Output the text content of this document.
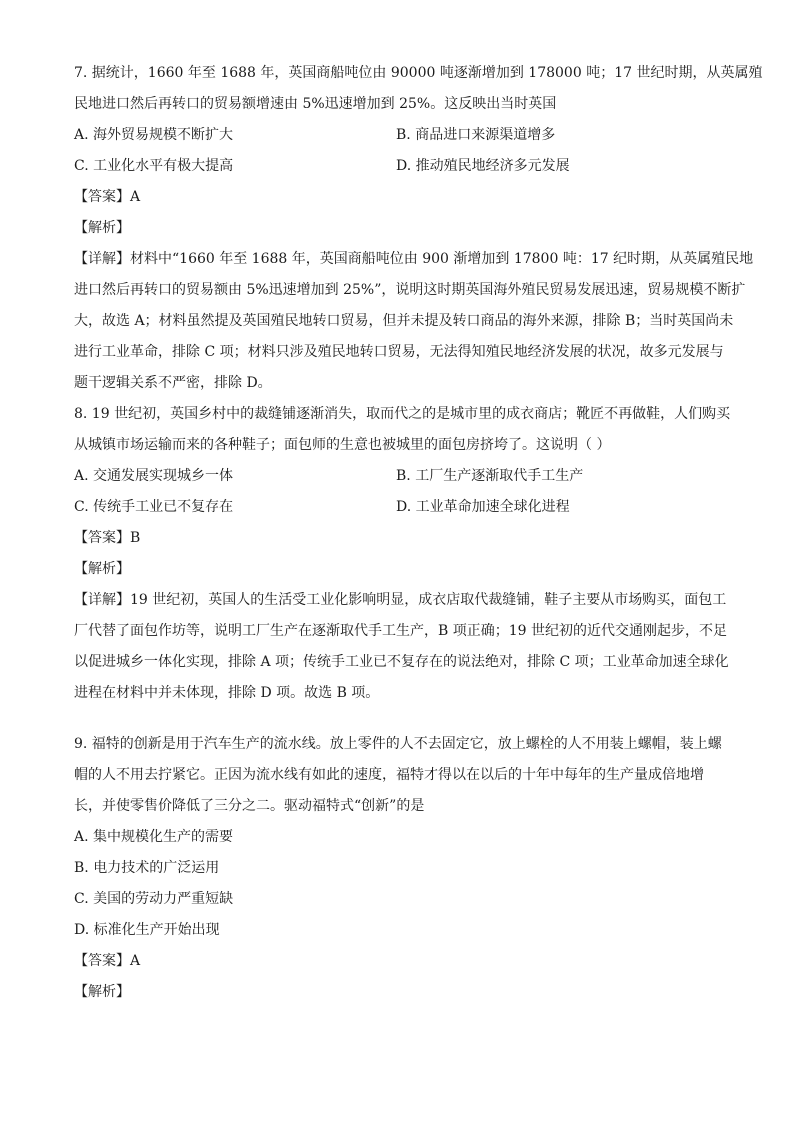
7. 据统计，1660 年至 1688 年，英国商船吨位由 90000 吨逐渐增加到 178000 吨；17 世纪时期，从英属殖
民地进口然后再转口的贸易额增速由 5%迅速增加到 25%。这反映出当时英国
A. 海外贸易规模不断扩大	B. 商品进口来源渠道增多
C. 工业化水平有极大提高	D. 推动殖民地经济多元发展
【答案】A
【解析】
【详解】材料中“1660 年至 1688 年，英国商船吨位由 900 渐增加到 17800 吨：17 纪时期，从英属殖民地
进口然后再转口的贸易额由 5%迅速增加到 25%”，说明这时期英国海外殖民贸易发展迅速，贸易规模不断扩
大，故选 A；材料虽然提及英国殖民地转口贸易，但并未提及转口商品的海外来源，排除 B；当时英国尚未
进行工业革命，排除 C 项；材料只涉及殖民地转口贸易，无法得知殖民地经济发展的状况，故多元发展与
题干逻辑关系不严密，排除 D。
8. 19 世纪初，英国乡村中的裁缝铺逐渐消失，取而代之的是城市里的成衣商店；靴匠不再做鞋，人们购买
从城镇市场运输而来的各种鞋子；面包师的生意也被城里的面包房挤垮了。这说明（ ）
A. 交通发展实现城乡一体	B. 工厂生产逐渐取代手工生产
C. 传统手工业已不复存在	D. 工业革命加速全球化进程
【答案】B
【解析】
【详解】19 世纪初，英国人的生活受工业化影响明显，成衣店取代裁缝铺，鞋子主要从市场购买，面包工
厂代替了面包作坊等，说明工厂生产在逐渐取代手工生产，B 项正确；19 世纪初的近代交通刚起步，不足
以促进城乡一体化实现，排除 A 项；传统手工业已不复存在的说法绝对，排除 C 项；工业革命加速全球化
进程在材料中并未体现，排除 D 项。故选 B 项。
9. 福特的创新是用于汽车生产的流水线。放上零件的人不去固定它，放上螺栓的人不用装上螺帽，装上螺
帽的人不用去拧紧它。正因为流水线有如此的速度，福特才得以在以后的十年中每年的生产量成倍地增
长，并使零售价降低了三分之二。驱动福特式“创新”的是
A. 集中规模化生产的需要
B. 电力技术的广泛运用
C. 美国的劳动力严重短缺
D. 标准化生产开始出现
【答案】A
【解析】
